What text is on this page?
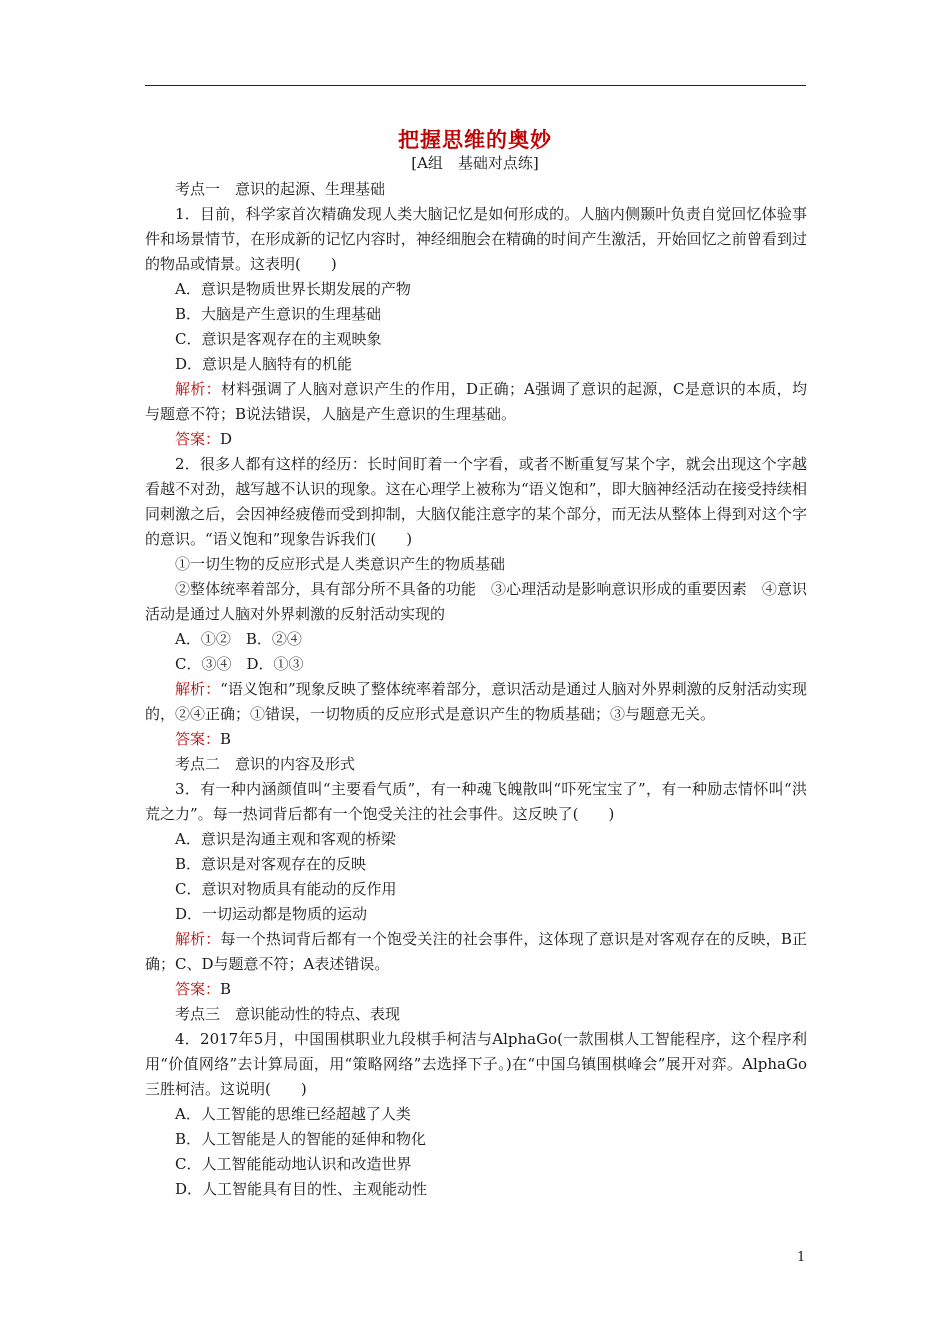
把握思维的奥妙
[A组　基础对点练]

考点一　意识的起源、生理基础

1．目前，科学家首次精确发现人类大脑记忆是如何形成的。人脑内侧颞叶负责自觉回忆体验事件和场景情节，在形成新的记忆内容时，神经细胞会在精确的时间产生激活，开始回忆之前曾看到过的物品或情景。这表明(　　)

A．意识是物质世界长期发展的产物
B．大脑是产生意识的生理基础
C．意识是客观存在的主观映象
D．意识是人脑特有的机能

解析：材料强调了人脑对意识产生的作用，D正确；A强调了意识的起源，C是意识的本质，均与题意不符；B说法错误，人脑是产生意识的生理基础。

答案：D

2．很多人都有这样的经历：长时间盯着一个字看，或者不断重复写某个字，就会出现这个字越看越不对劲，越写越不认识的现象。这在心理学上被称为“语义饱和”，即大脑神经活动在接受持续相同刺激之后，会因神经疲倦而受到抑制，大脑仅能注意字的某个部分，而无法从整体上得到对这个字的意识。“语义饱和”现象告诉我们(　　)

①一切生物的反应形式是人类意识产生的物质基础

②整体统率着部分，具有部分所不具备的功能　③心理活动是影响意识形成的重要因素　④意识活动是通过人脑对外界刺激的反射活动实现的

A．①②　B．②④
C．③④　D．①③

解析：“语义饱和”现象反映了整体统率着部分，意识活动是通过人脑对外界刺激的反射活动实现的，②④正确；①错误，一切物质的反应形式是意识产生的物质基础；③与题意无关。

答案：B

考点二　意识的内容及形式

3．有一种内涵颜值叫“主要看气质”，有一种魂飞魄散叫“吓死宝宝了”，有一种励志情怀叫“洪荒之力”。每一热词背后都有一个饱受关注的社会事件。这反映了(　　)

A．意识是沟通主观和客观的桥梁
B．意识是对客观存在的反映
C．意识对物质具有能动的反作用
D．一切运动都是物质的运动

解析：每一个热词背后都有一个饱受关注的社会事件，这体现了意识是对客观存在的反映，B正确；C、D与题意不符；A表述错误。

答案：B

考点三　意识能动性的特点、表现

4．2017年5月，中国围棋职业九段棋手柯洁与AlphaGo(一款围棋人工智能程序，这个程序利用“价值网络”去计算局面，用“策略网络”去选择下子。)在“中国乌镇围棋峰会”展开对弈。AlphaGo三胜柯洁。这说明(　　)

A．人工智能的思维已经超越了人类
B．人工智能是人的智能的延伸和物化
C．人工智能能动地认识和改造世界
D．人工智能具有目的性、主观能动性
1
